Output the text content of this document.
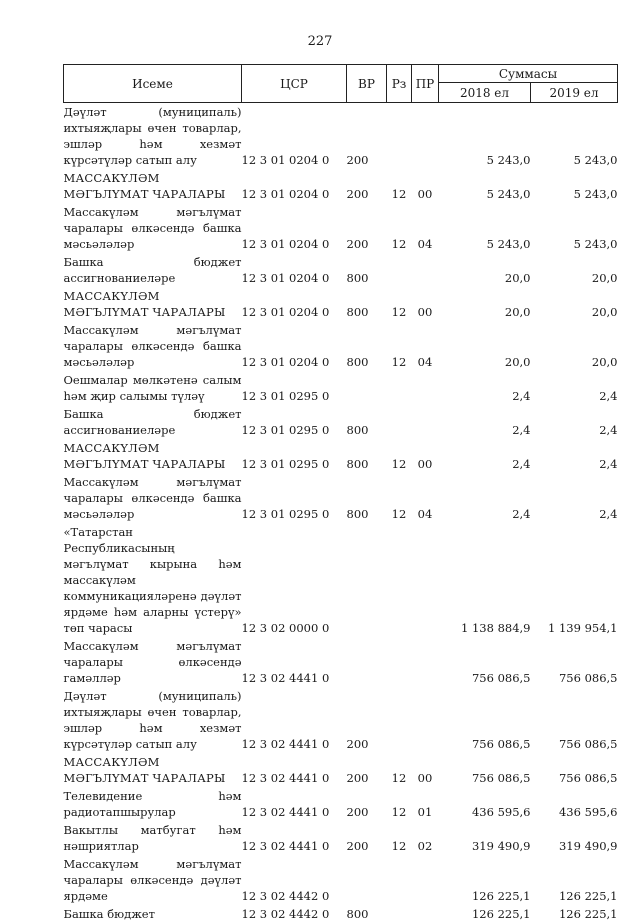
227
Исеме	ЦСР	ВР	Рз	ПР	Суммасы	
					2018 ел	2019 ел

Дәүләт (муниципаль) ихтыяҗлары өчен товарлар, эшләр һәм хезмәт күрсәтүләр сатып алу	12 3 01 0204 0	200			5 243,0	5 243,0

МАССАКҮЛӘМ МӘГЪЛҮМАТ ЧАРАЛАРЫ	12 3 01 0204 0	200	12	00	5 243,0	5 243,0

Массакүләм мәгълүмат чаралары өлкәсендә башка мәсьәләләр	12 3 01 0204 0	200	12	04	5 243,0	5 243,0

Башка бюджет ассигнованиеләре	12 3 01 0204 0	800			20,0	20,0

МАССАКҮЛӘМ МӘГЪЛҮМАТ ЧАРАЛАРЫ	12 3 01 0204 0	800	12	00	20,0	20,0

Массакүләм мәгълүмат чаралары өлкәсендә башка мәсьәләләр	12 3 01 0204 0	800	12	04	20,0	20,0

Оешмалар мөлкәтенә салым һәм җир салымы түләү	12 3 01 0295 0				2,4	2,4

Башка бюджет ассигнованиеләре	12 3 01 0295 0	800			2,4	2,4

МАССАКҮЛӘМ МӘГЪЛҮМАТ ЧАРАЛАРЫ	12 3 01 0295 0	800	12	00	2,4	2,4

Массакүләм мәгълүмат чаралары өлкәсендә башка мәсьәләләр	12 3 01 0295 0	800	12	04	2,4	2,4

«Татарстан Республикасының мәгълүмат кырына һәм массакүләм коммуникацияләренә дәүләт ярдәме һәм аларны үстерү» төп чарасы	12 3 02 0000 0				1 138 884,9	1 139 954,1

Массакүләм мәгълүмат чаралары өлкәсендә гамәлләр	12 3 02 4441 0				756 086,5	756 086,5

Дәүләт (муниципаль) ихтыяҗлары өчен товарлар, эшләр һәм хезмәт күрсәтүләр сатып алу	12 3 02 4441 0	200			756 086,5	756 086,5

МАССАКҮЛӘМ МӘГЪЛҮМАТ ЧАРАЛАРЫ	12 3 02 4441 0	200	12	00	756 086,5	756 086,5

Телевидение һәм радиотапшырулар	12 3 02 4441 0	200	12	01	436 595,6	436 595,6

Вакытлы матбугат һәм нәшриятлар	12 3 02 4441 0	200	12	02	319 490,9	319 490,9

Массакүләм мәгълүмат чаралары өлкәсендә дәүләт ярдәме	12 3 02 4442 0				126 225,1	126 225,1

Башка бюджет	12 3 02 4442 0	800			126 225,1	126 225,1
